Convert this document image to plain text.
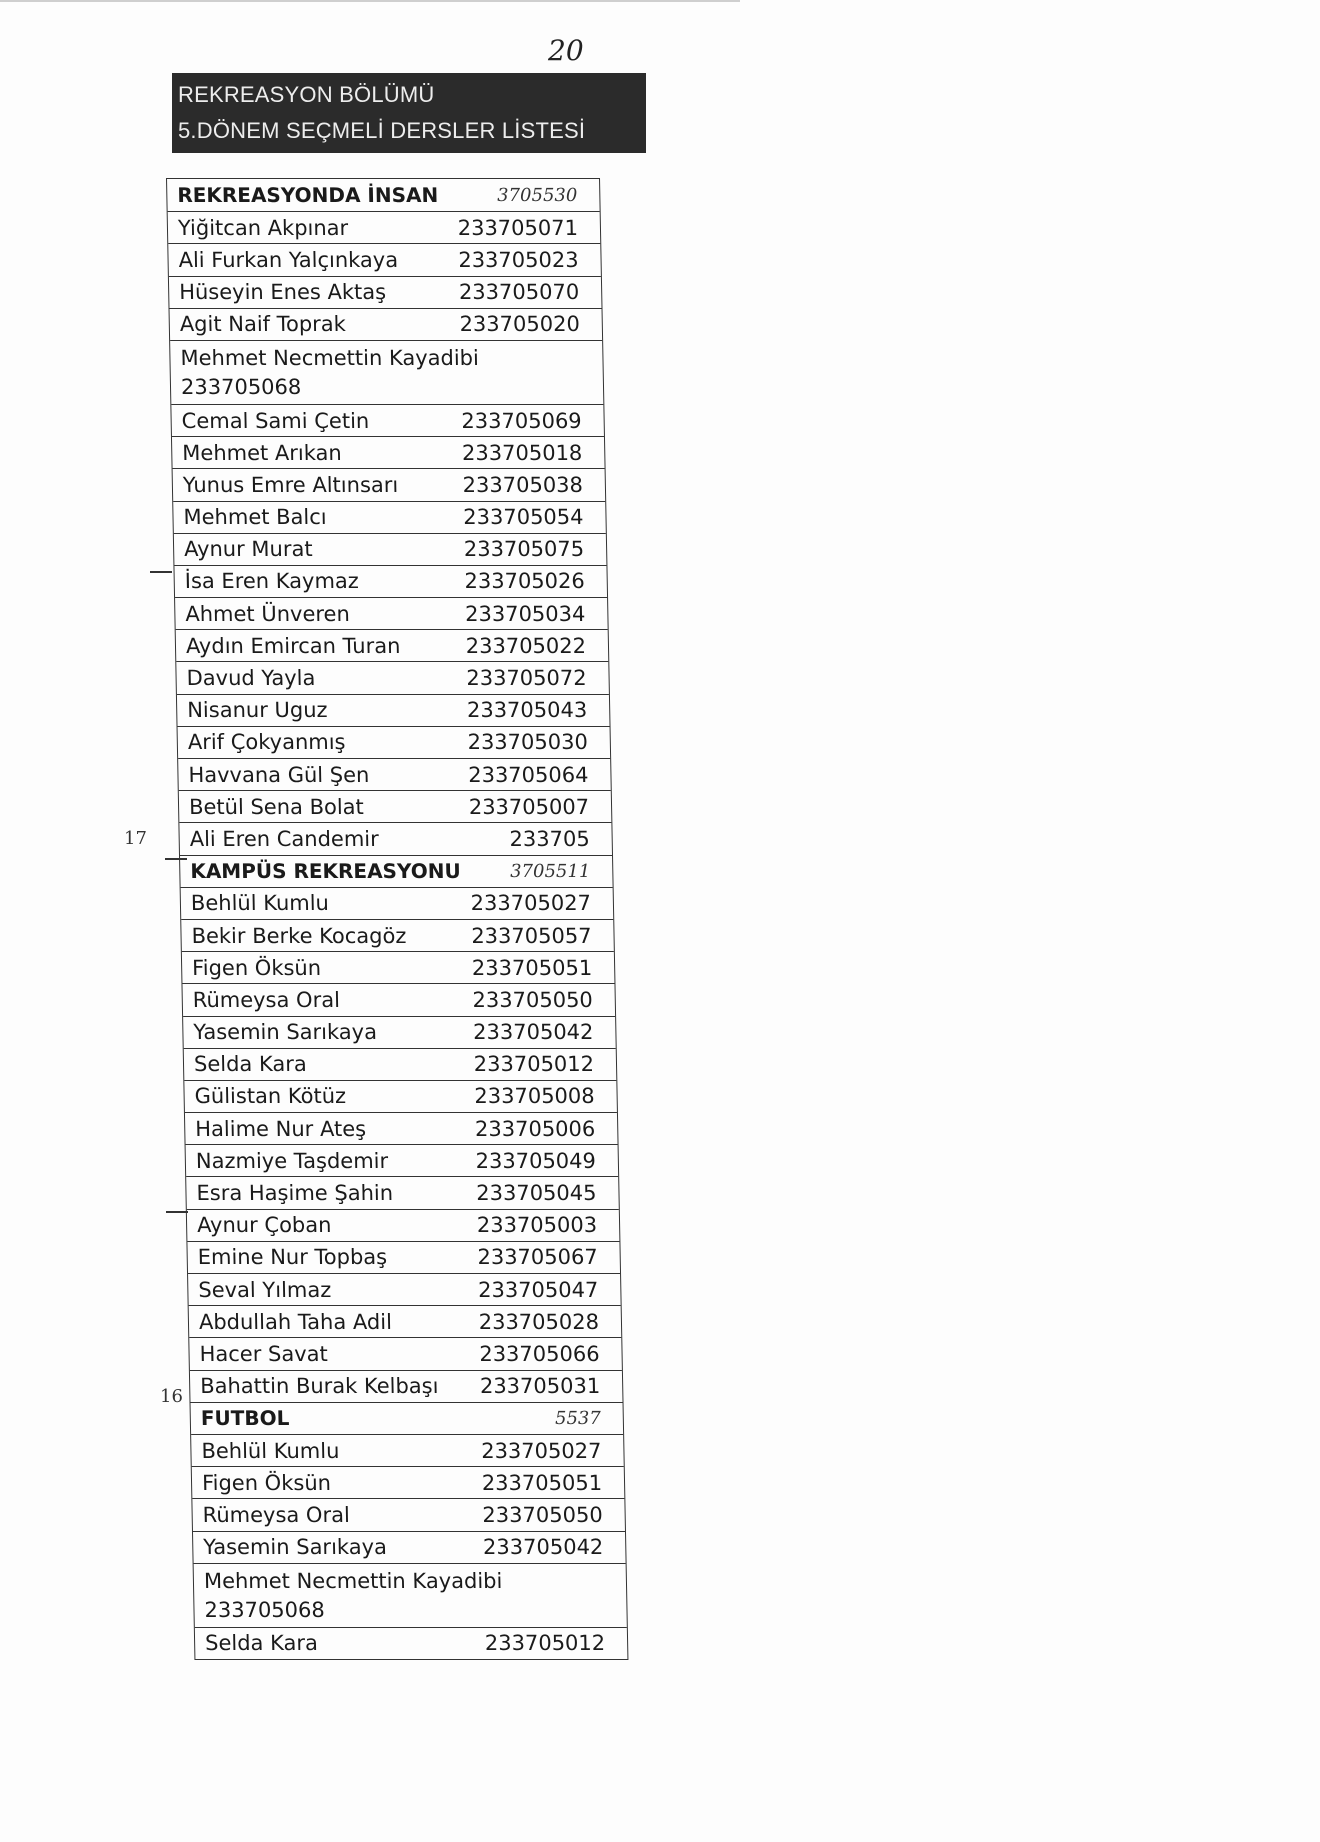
20
REKREASYON BÖLÜMÜ
5.DÖNEM SEÇMELİ DERSLER LİSTESİ
REKREASYONDA İNSAN	3705530
Yiğitcan Akpınar	233705071
Ali Furkan Yalçınkaya	233705023
Hüseyin Enes Aktaş	233705070
Agit Naif Toprak	233705020
Mehmet Necmettin Kayadibi
233705068
Cemal Sami Çetin	233705069
Mehmet Arıkan	233705018
Yunus Emre Altınsarı	233705038
Mehmet Balcı	233705054
Aynur Murat	233705075
İsa Eren Kaymaz	233705026
Ahmet Ünveren	233705034
Aydın Emircan Turan	233705022
Davud Yayla	233705072
Nisanur Uguz	233705043
Arif Çokyanmış	233705030
Havvana Gül Şen	233705064
Betül Sena Bolat	233705007
Ali Eren Candemir	233705
KAMPÜS REKREASYONU	3705511
Behlül Kumlu	233705027
Bekir Berke Kocagöz	233705057
Figen Öksün	233705051
Rümeysa Oral	233705050
Yasemin Sarıkaya	233705042
Selda Kara	233705012
Gülistan Kötüz	233705008
Halime Nur Ateş	233705006
Nazmiye Taşdemir	233705049
Esra Haşime Şahin	233705045
Aynur Çoban	233705003
Emine Nur Topbaş	233705067
Seval Yılmaz	233705047
Abdullah Taha Adil	233705028
Hacer Savat	233705066
Bahattin Burak Kelbaşı 233705031
FUTBOL	5537
Behlül Kumlu	233705027
Figen Öksün	233705051
Rümeysa Oral	233705050
Yasemin Sarıkaya	233705042
Mehmet Necmettin Kayadibi
233705068
Selda Kara	233705012
17
16
